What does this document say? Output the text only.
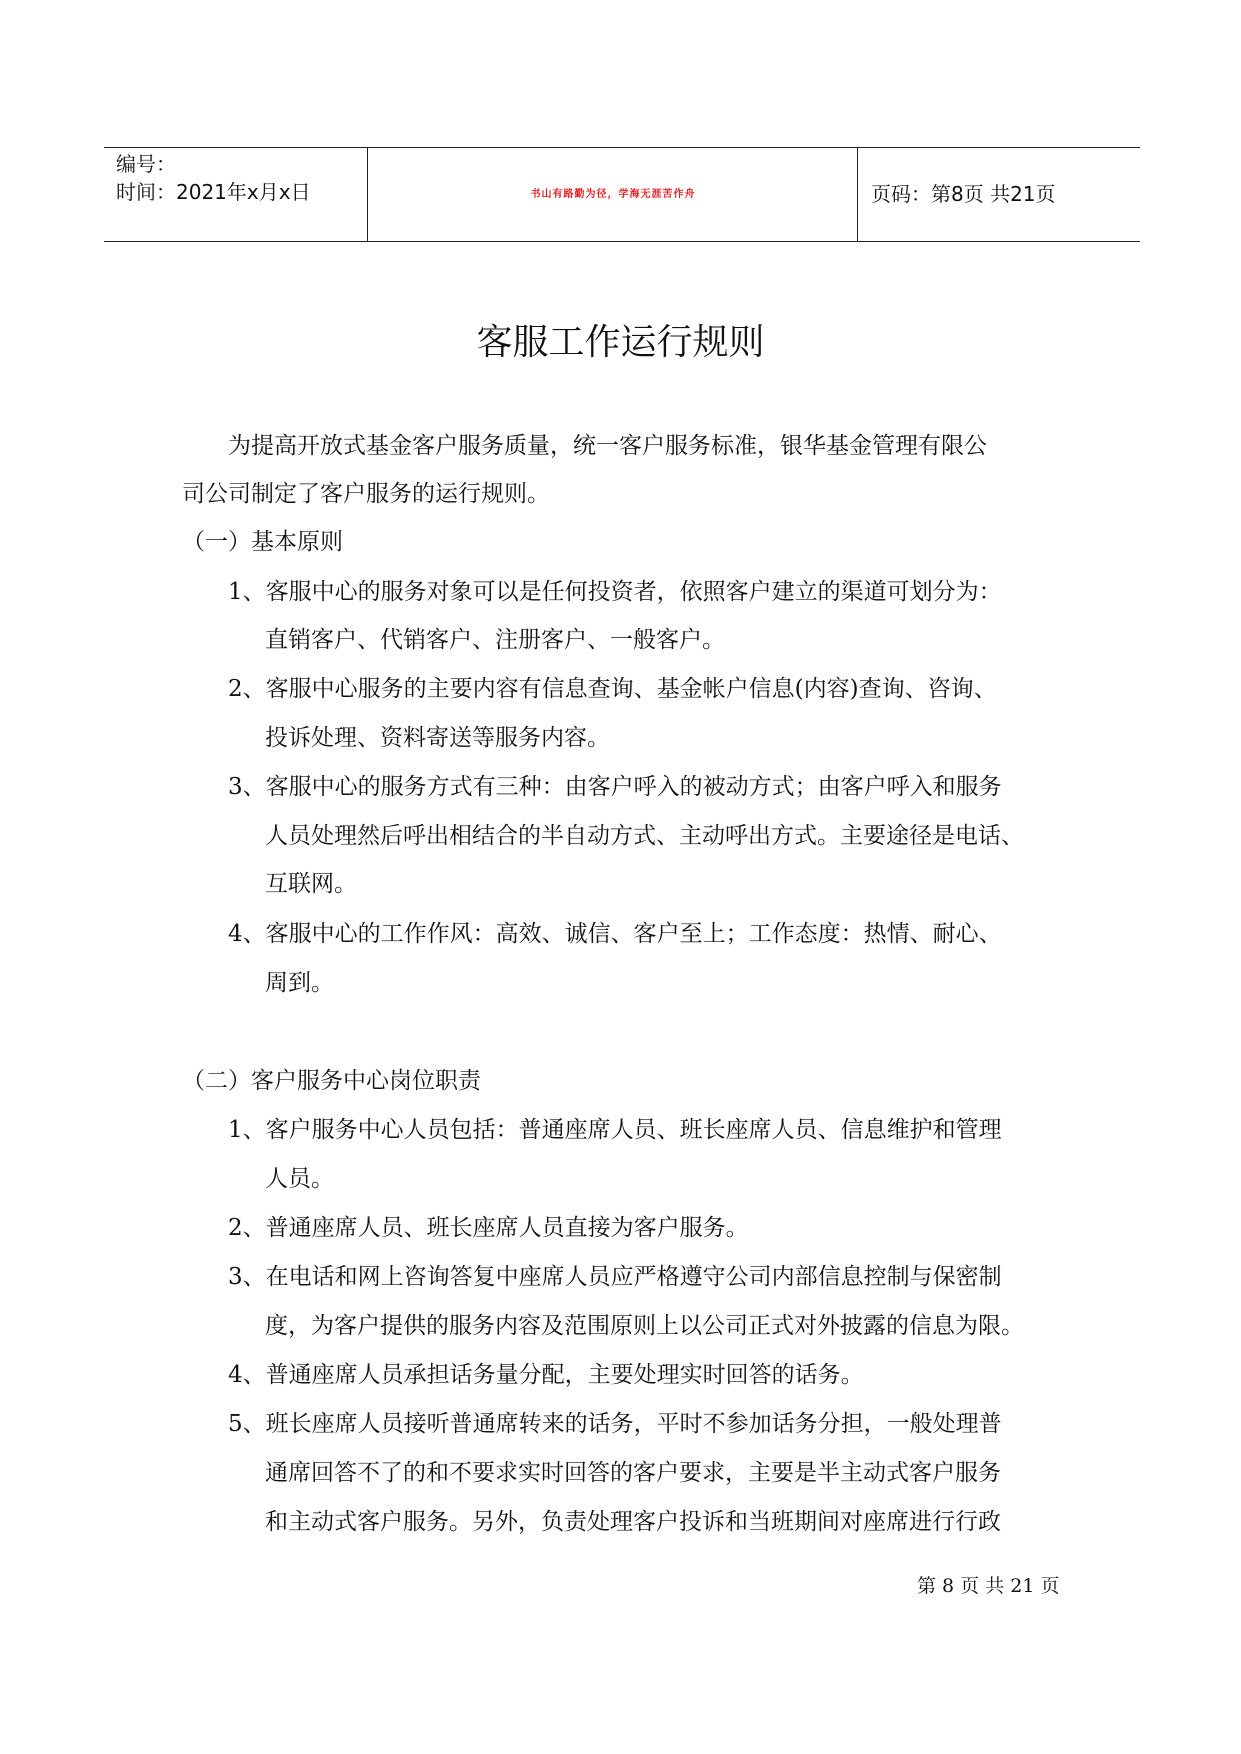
编号：
时间：2021年x月x日	书山有路勤为径，学海无涯苦作舟	页码：第8页 共21页
客服工作运行规则
为提高开放式基金客户服务质量，统一客户服务标准，银华基金管理有限公
司公司制定了客户服务的运行规则。
（一）基本原则
1、客服中心的服务对象可以是任何投资者，依照客户建立的渠道可划分为：
直销客户、代销客户、注册客户、一般客户。
2、客服中心服务的主要内容有信息查询、基金帐户信息(内容)查询、咨询、
投诉处理、资料寄送等服务内容。
3、客服中心的服务方式有三种：由客户呼入的被动方式；由客户呼入和服务
人员处理然后呼出相结合的半自动方式、主动呼出方式。主要途径是电话、
互联网。
4、客服中心的工作作风：高效、诚信、客户至上；工作态度：热情、耐心、
周到。
（二）客户服务中心岗位职责
1、客户服务中心人员包括：普通座席人员、班长座席人员、信息维护和管理
人员。
2、普通座席人员、班长座席人员直接为客户服务。
3、在电话和网上咨询答复中座席人员应严格遵守公司内部信息控制与保密制
度，为客户提供的服务内容及范围原则上以公司正式对外披露的信息为限。
4、普通座席人员承担话务量分配，主要处理实时回答的话务。
5、班长座席人员接听普通席转来的话务，平时不参加话务分担，一般处理普
通席回答不了的和不要求实时回答的客户要求，主要是半主动式客户服务
和主动式客户服务。另外，负责处理客户投诉和当班期间对座席进行行政
第 8 页 共 21 页
